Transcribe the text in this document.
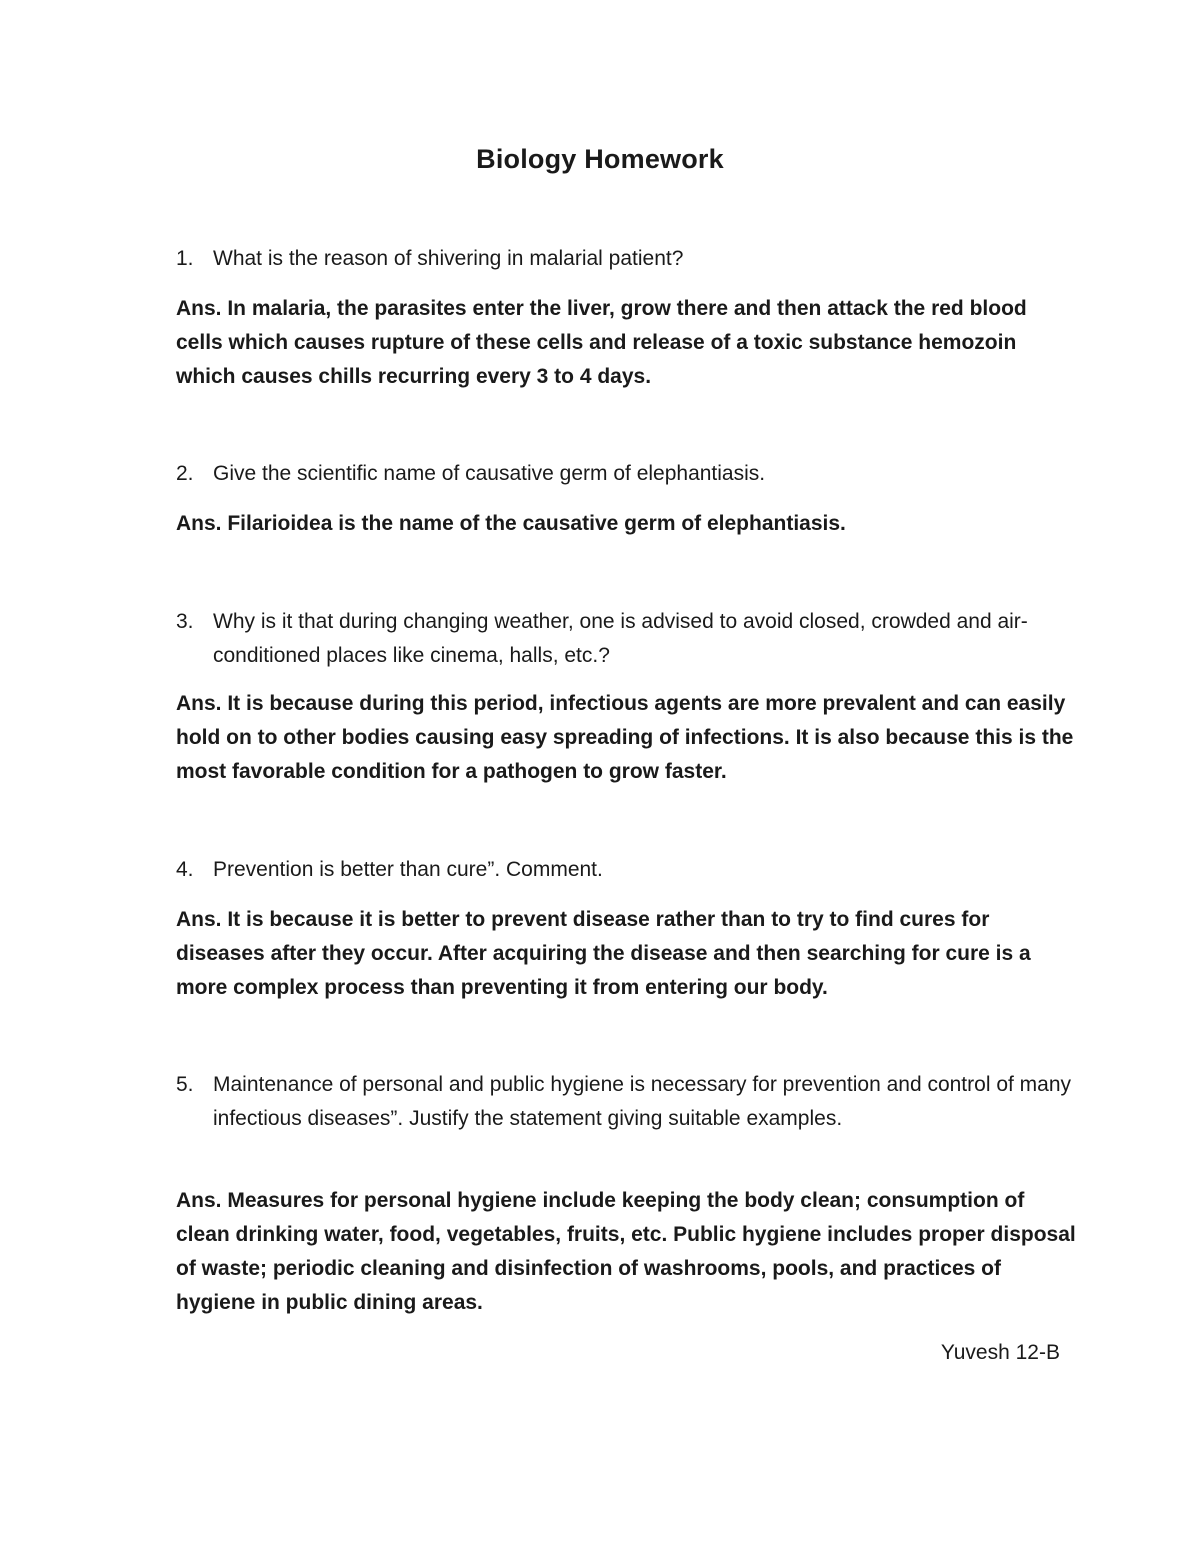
Biology Homework
1. What is the reason of shivering in malarial patient?
Ans. In malaria, the parasites enter the liver, grow there and then attack the red blood cells which causes rupture of these cells and release of a toxic substance hemozoin which causes chills recurring every 3 to 4 days.
2. Give the scientific name of causative germ of elephantiasis.
Ans. Filarioidea is the name of the causative germ of elephantiasis.
3. Why is it that during changing weather, one is advised to avoid closed, crowded and air-conditioned places like cinema, halls, etc.?
Ans. It is because during this period, infectious agents are more prevalent and can easily hold on to other bodies causing easy spreading of infections. It is also because this is the most favorable condition for a pathogen to grow faster.
4. Prevention is better than cure”. Comment.
Ans. It is because it is better to prevent disease rather than to try to find cures for diseases after they occur. After acquiring the disease and then searching for cure is a more complex process than preventing it from entering our body.
5. Maintenance of personal and public hygiene is necessary for prevention and control of many infectious diseases”. Justify the statement giving suitable examples.
Ans. Measures for personal hygiene include keeping the body clean; consumption of clean drinking water, food, vegetables, fruits, etc. Public hygiene includes proper disposal of waste; periodic cleaning and disinfection of washrooms, pools, and practices of hygiene in public dining areas.
Yuvesh 12-B
